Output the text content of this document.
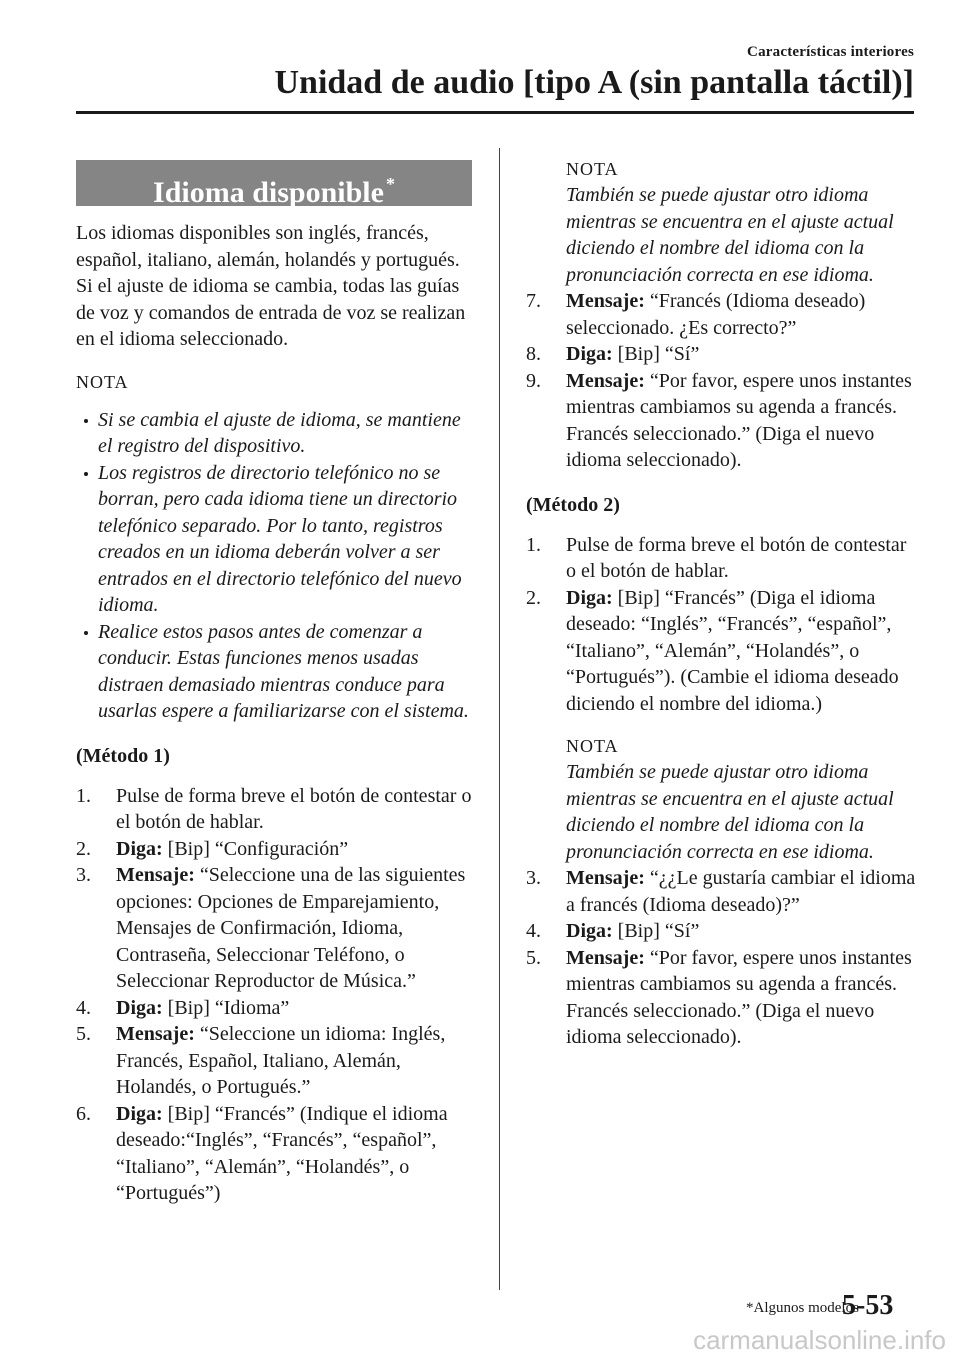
Características interiores
Unidad de audio [tipo A (sin pantalla táctil)]
Idioma disponible *

Los idiomas disponibles son inglés, francés, español, italiano, alemán, holandés y portugués. Si el ajuste de idioma se cambia, todas las guías de voz y comandos de entrada de voz se realizan en el idioma seleccionado.

NOTA

Si se cambia el ajuste de idioma, se mantiene el registro del dispositivo.
Los registros de directorio telefónico no se borran, pero cada idioma tiene un directorio telefónico separado. Por lo tanto, registros creados en un idioma deberán volver a ser entrados en el directorio telefónico del nuevo idioma.
Realice estos pasos antes de comenzar a conducir. Estas funciones menos usadas distraen demasiado mientras conduce para usarlas espere a familiarizarse con el sistema.

(Método 1)

1. Pulse de forma breve el botón de contestar o el botón de hablar.
2. Diga: [Bip] “Configuración”
3. Mensaje: “Seleccione una de las siguientes opciones: Opciones de Emparejamiento, Mensajes de Confirmación, Idioma, Contraseña, Seleccionar Teléfono, o Seleccionar Reproductor de Música.”
4. Diga: [Bip] “Idioma”
5. Mensaje: “Seleccione un idioma: Inglés, Francés, Español, Italiano, Alemán, Holandés, o Portugués.”
6. Diga: [Bip] “Francés” (Indique el idioma deseado:“Inglés”, “Francés”, “español”, “Italiano”, “Alemán”, “Holandés”, o “Portugués”)

NOTA

También se puede ajustar otro idioma mientras se encuentra en el ajuste actual diciendo el nombre del idioma con la pronunciación correcta en ese idioma.

7. Mensaje: “Francés (Idioma deseado) seleccionado. ¿Es correcto?”
8. Diga: [Bip] “Sí”
9. Mensaje: “Por favor, espere unos instantes mientras cambiamos su agenda a francés. Francés seleccionado.” (Diga el nuevo idioma seleccionado).

(Método 2)

1. Pulse de forma breve el botón de contestar o el botón de hablar.
2. Diga: [Bip] “Francés” (Diga el idioma deseado: “Inglés”, “Francés”, “español”, “Italiano”, “Alemán”, “Holandés”, o “Portugués”). (Cambie el idioma deseado diciendo el nombre del idioma.)

NOTA

También se puede ajustar otro idioma mientras se encuentra en el ajuste actual diciendo el nombre del idioma con la pronunciación correcta en ese idioma.

3. Mensaje: “¿¿Le gustaría cambiar el idioma a francés (Idioma deseado)?”
4. Diga: [Bip] “Sí”
5. Mensaje: “Por favor, espere unos instantes mientras cambiamos su agenda a francés. Francés seleccionado.” (Diga el nuevo idioma seleccionado).
*Algunos modelos
5-53
carmanualsonline.info
